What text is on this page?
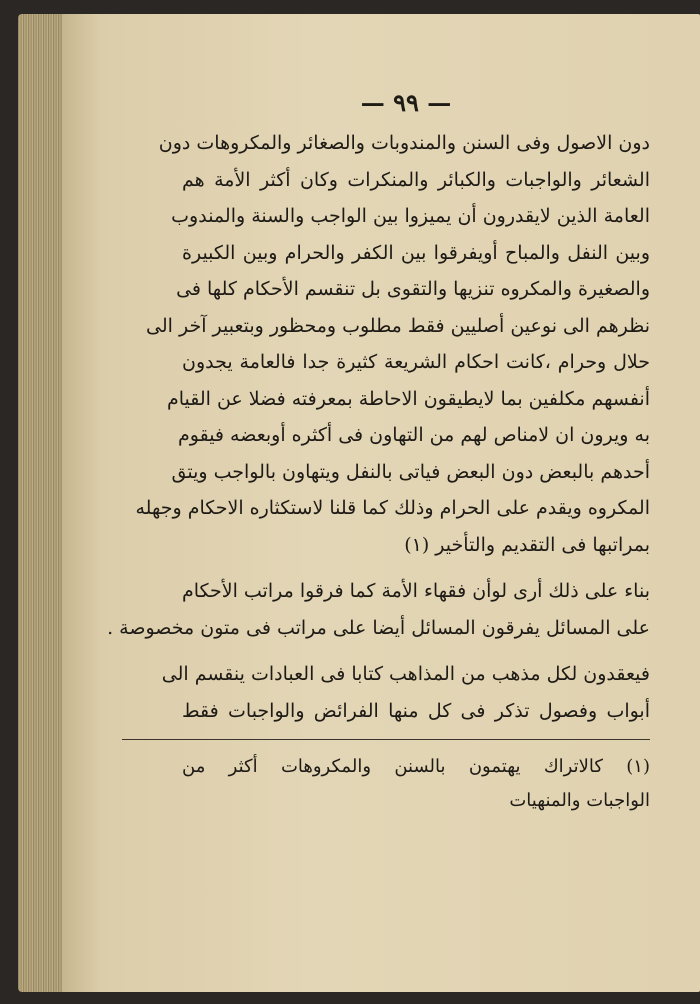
— ٩٩ —
دون الاصول وفى السنن والمندوبات والصغائر والمكروهات دون
الشعائر والواجبات والكبائر والمنكرات وكان أكثر الأمة هم
العامة الذين لايقدرون أن يميزوا بين الواجب والسنة والمندوب
وبين النفل والمباح أويفرقوا بين الكفر والحرام وبين الكبيرة
والصغيرة والمكروه تنزيها والتقوى بل تنقسم الأحكام كلها فى
نظرهم الى نوعين أصليين فقط مطلوب ومحظور وبتعبير آخر الى
حلال وحرام ،كانت احكام الشريعة كثيرة جدا فالعامة يجدون
أنفسهم مكلفين بما لايطيقون الاحاطة بمعرفته فضلا عن القيام
به ويرون ان لامناص لهم من التهاون فى أكثره أوبعضه فيقوم
أحدهم بالبعض دون البعض فياتى بالنفل ويتهاون بالواجب ويتق
المكروه ويقدم على الحرام وذلك كما قلنا لاستكثاره الاحكام وجهله
بمراتبها فى التقديم والتأخير (١)
بناء على ذلك أرى لوأن فقهاء الأمة كما فرقوا مراتب الأحكام
على المسائل يفرقون المسائل أيضا على مراتب فى متون مخصوصة .
فيعقدون لكل مذهب من المذاهب كتابا فى العبادات ينقسم الى
أبواب وفصول تذكر فى كل منها الفرائض والواجبات فقط
(١) كالاتراك يهتمون بالسنن والمكروهات أكثر من
الواجبات والمنهيات
